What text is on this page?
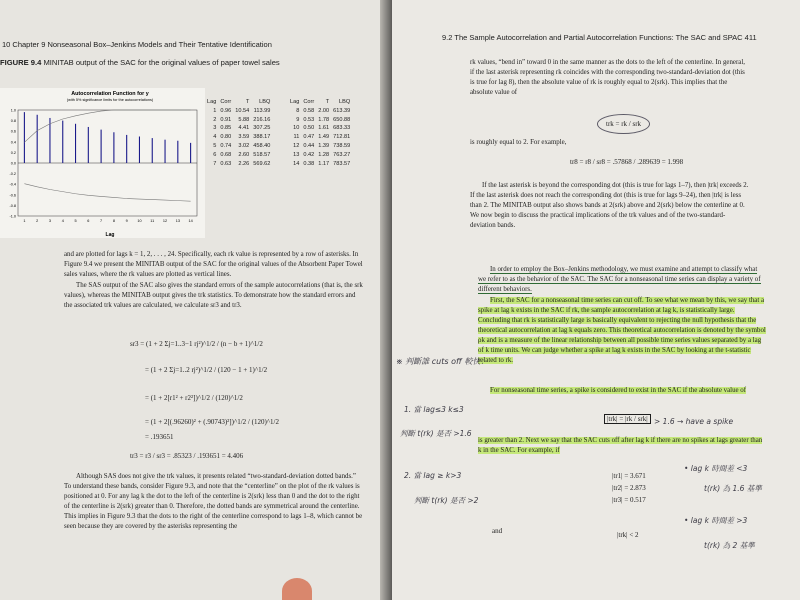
10 Chapter 9 Nonseasonal Box–Jenkins Models and Their Tentative Identification
FIGURE 9.4 MINITAB output of the SAC for the original values of paper towel sales
Autocorrelation Function for y
(with 5% significance limits for the autocorrelations)
1.0
0.8
0.6
0.4
0.2
0.0
-0.2
-0.4
-0.6
-0.8
-1.0
1	2	3	4	5	6	7	8	9	10 11 12 13 14
Lag
Lag	Corr	T	LBQ
1	0.96	10.54	113.99
2	0.91	5.88	216.16
3	0.85	4.41	307.25
4	0.80	3.59	388.17
5	0.74	3.02	458.40
6	0.68	2.60	518.57
7	0.63	2.26	569.62
Lag	Corr	T	LBQ
8	0.58	2.00	613.39
9	0.53	1.78	650.88
10	0.50	1.61	683.33
11	0.47	1.49	712.81
12	0.44	1.39	738.59
13	0.42	1.28	763.27
14	0.38	1.17	783.57

and are plotted for lags k = 1, 2, . . . , 24. Specifically, each rk value is represented by a row of asterisks. In Figure 9.4 we present the MINITAB output of the SAC for the original values of the Absorbent Paper Towel sales values, where the rk values are plotted as vertical lines.

The SAS output of the SAC also gives the standard errors of the sample autocorrelations (that is, the srk values), whereas the MINITAB output gives the trk statistics. To demonstrate how the standard errors and the associated trk values are calculated, we calculate sr3 and tr3.

sr3 = (1 + 2 Σj=1..3−1 rj²)^1/2 / (n − b + 1)^1/2
= (1 + 2 Σj=1..2 rj²)^1/2 / (120 − 1 + 1)^1/2
= (1 + 2[r1² + r2²])^1/2 / (120)^1/2
= (1 + 2[(.96260)² + (.90743)²])^1/2 / (120)^1/2
= .193651
tr3 = r3 / sr3 = .85323 / .193651 = 4.406

Although SAS does not give the trk values, it presents related “two-standard-deviation dotted bands.” To understand these bands, consider Figure 9.3, and note that the “centerline” on the plot of the rk values is positioned at 0. For any lag k the dot to the left of the centerline is 2(srk) less than 0 and the dot to the right of the centerline is 2(srk) greater than 0. Therefore, the dotted bands are symmetrical around the centerline. This implies in Figure 9.3 that the dots to the right of the centerline correspond to lags 1–8, which cannot be seen because they are covered by the asterisks representing the

9.2 The Sample Autocorrelation and Partial Autocorrelation Functions: The SAC and SPAC 411

rk values, “bend in” toward 0 in the same manner as the dots to the left of the centerline. In general, if the last asterisk representing rk coincides with the corresponding two-standard-deviation dot (this is true for lag 8), then the absolute value of rk is roughly equal to 2(srk). This implies that the absolute value of

trk = rk / srk

is roughly equal to 2. For example,

tr8 = r8 / sr8 = .57868 / .289639 = 1.998

If the last asterisk is beyond the corresponding dot (this is true for lags 1–7), then |trk| exceeds 2. If the last asterisk does not reach the corresponding dot (this is true for lags 9–24), then |trk| is less than 2. The MINITAB output also shows bands at 2(srk) above and 2(srk) below the centerline at 0. We now begin to discuss the practical implications of the trk values and of the two-standard-deviation bands.

In order to employ the Box–Jenkins methodology, we must examine and attempt to classify what we refer to as the behavior of the SAC. The SAC for a nonseasonal time series can display a variety of different behaviors.

First, the SAC for a nonseasonal time series can cut off. To see what we mean by this, we say that a spike at lag k exists in the SAC if rk, the sample autocorrelation at lag k, is statistically large. Concluding that rk is statistically large is basically equivalent to rejecting the null hypothesis that the theoretical autocorrelation at lag k equals zero. This theoretical autocorrelation is denoted by the symbol ρk and is a measure of the linear relationship between all possible time series values separated by a lag of k time units. We can judge whether a spike at lag k exists in the SAC by looking at the t-statistic related to rk.

For nonseasonal time series, a spike is considered to exist in the SAC if the absolute value of

|trk| = |rk / srk|

is greater than 2. Next we say that the SAC cuts off after lag k if there are no spikes at lags greater than k in the SAC. For example, if

|tr1| = 3.671
|tr2| = 2.873
|tr3| = 0.517
and	|trk| < 2
※ 判斷誰 cuts off 較快：
1. 當 lag≤3 k≤3
判斷 t(rk) 是否 >1.6
2. 當 lag ≥ k>3
判斷 t(rk) 是否 >2
> 1.6 → have a spike
• lag k 時間差 <3
t(rk) 為 1.6 基準
• lag k 時間差 >3
t(rk) 為 2 基準
